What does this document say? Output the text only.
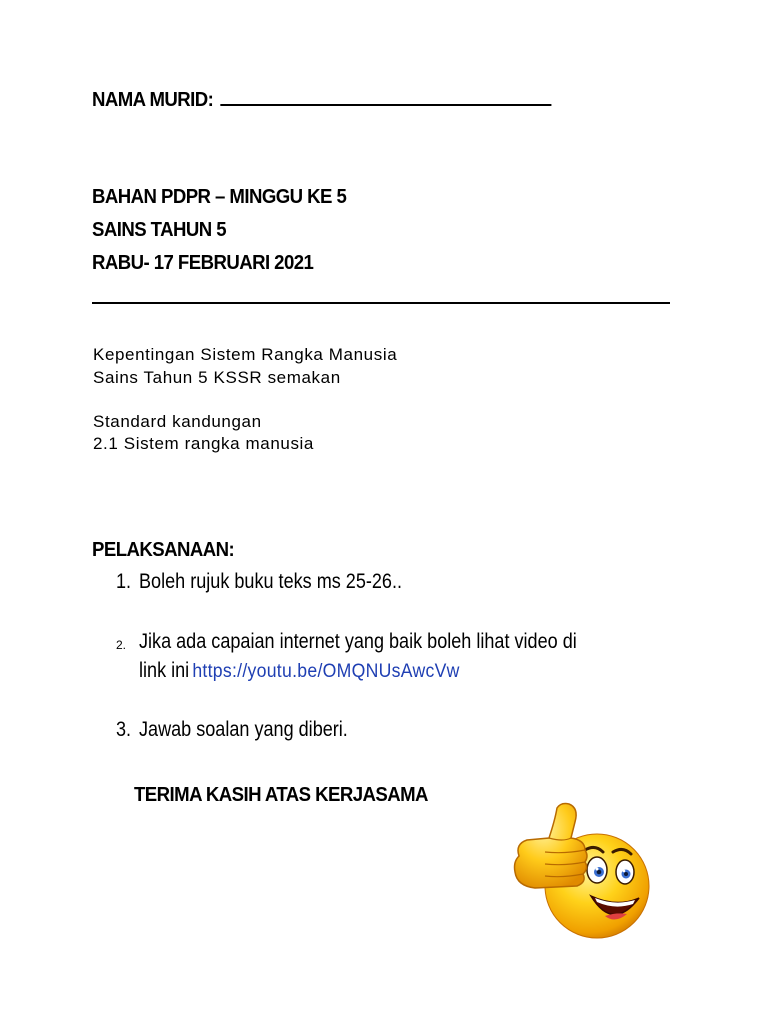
NAMA MURID:
BAHAN PDPR – MINGGU KE 5
SAINS TAHUN 5
RABU- 17 FEBRUARI 2021
Kepentingan Sistem Rangka Manusia
Sains Tahun 5 KSSR semakan
Standard kandungan
2.1 Sistem rangka manusia
PELAKSANAAN:
1. Boleh rujuk buku teks ms 25-26..
2. Jika ada capaian internet yang baik boleh lihat video di
link ini https://youtu.be/OMQNUsAwcVw
3. Jawab soalan yang diberi.
TERIMA KASIH ATAS KERJASAMA
